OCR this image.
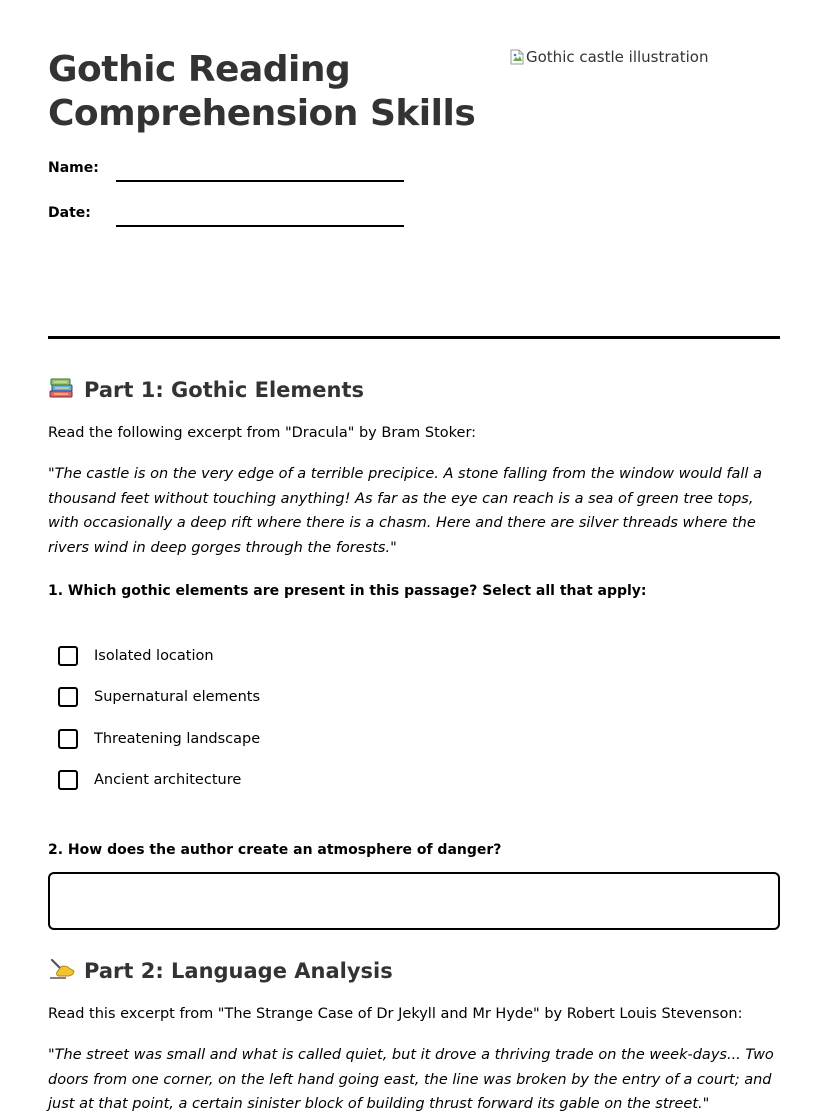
Gothic Reading Comprehension Skills
Gothic castle illustration
Name:
Date:
Part 1: Gothic Elements
Read the following excerpt from "Dracula" by Bram Stoker:

"The castle is on the very edge of a terrible precipice. A stone falling from the window would fall a thousand feet without touching anything! As far as the eye can reach is a sea of green tree tops, with occasionally a deep rift where there is a chasm. Here and there are silver threads where the rivers wind in deep gorges through the forests."

1. Which gothic elements are present in this passage? Select all that apply:
Isolated location
Supernatural elements
Threatening landscape
Ancient architecture
2. How does the author create an atmosphere of danger?
Part 2: Language Analysis
Read this excerpt from "The Strange Case of Dr Jekyll and Mr Hyde" by Robert Louis Stevenson:

"The street was small and what is called quiet, but it drove a thriving trade on the week-days... Two doors from one corner, on the left hand going east, the line was broken by the entry of a court; and just at that point, a certain sinister block of building thrust forward its gable on the street."
